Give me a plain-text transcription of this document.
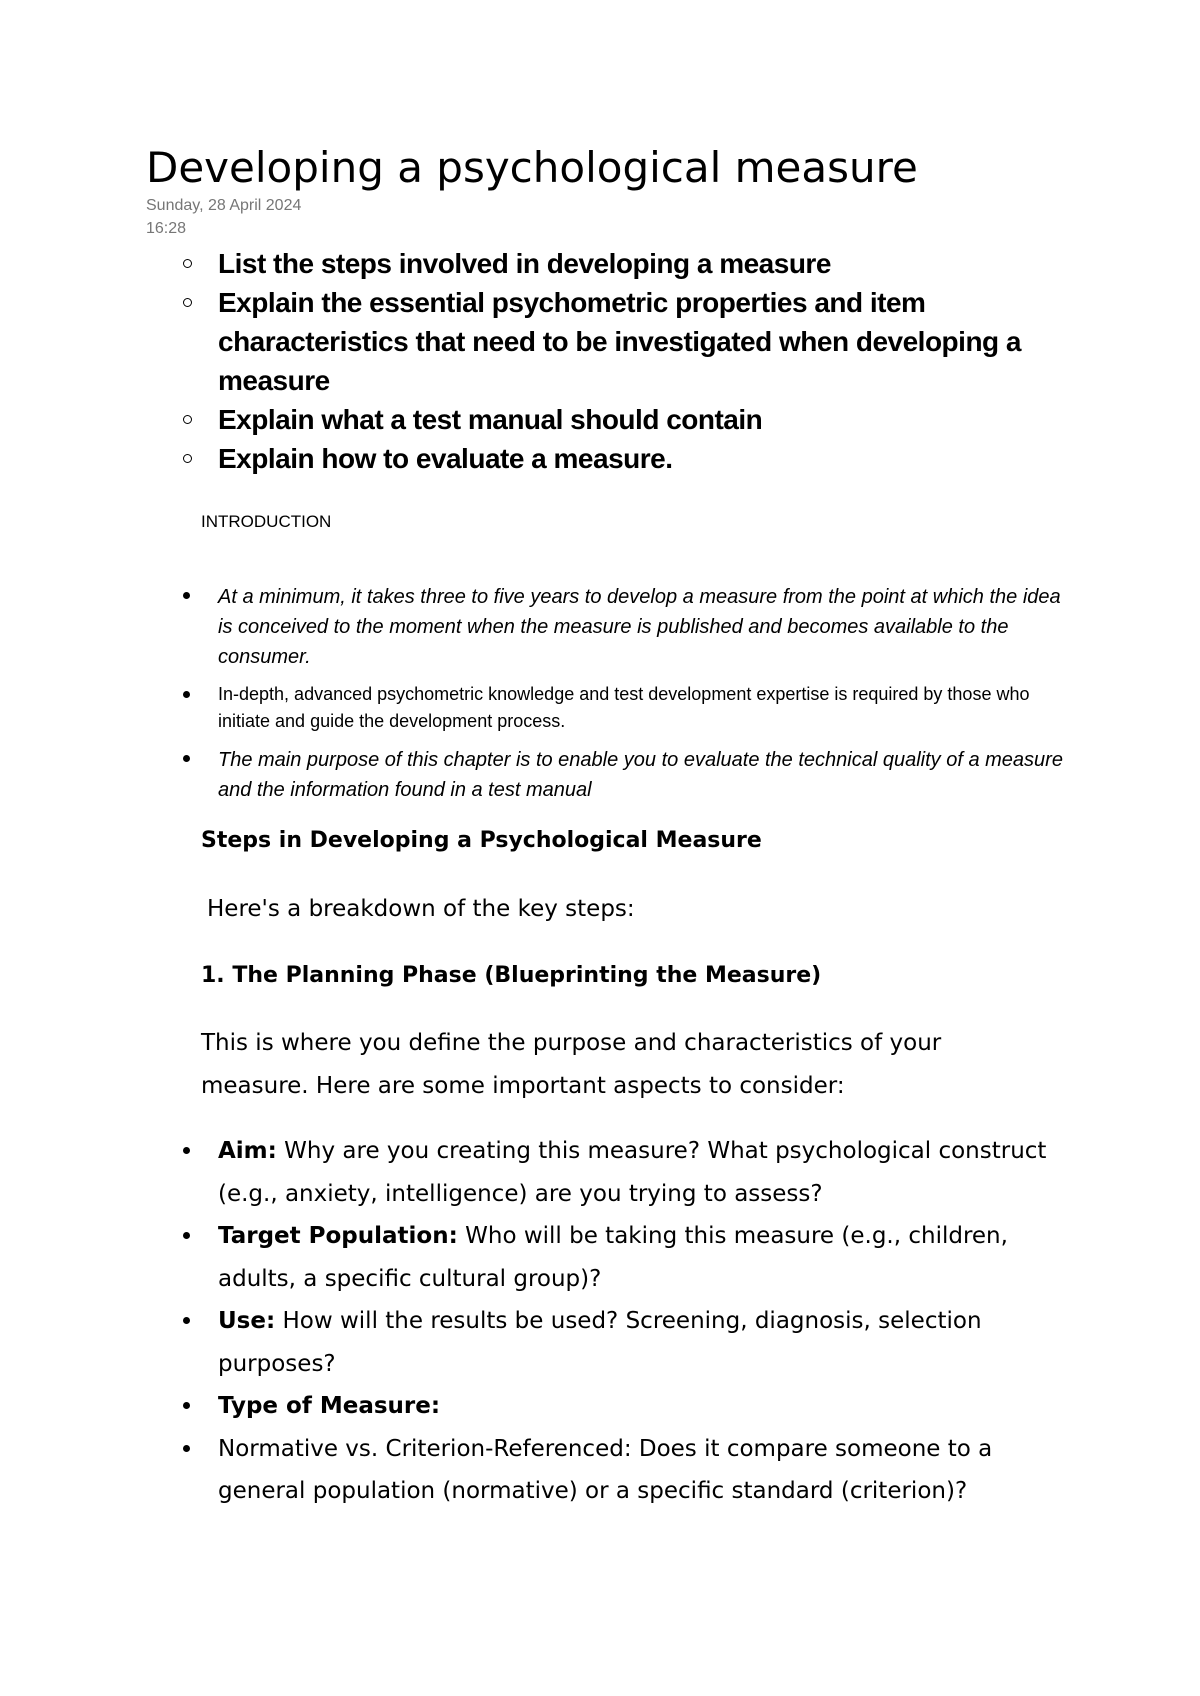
Developing a psychological measure

Sunday, 28 April 2024

16:28

List the steps involved in developing a measure
Explain the essential psychometric properties and item characteristics that need to be investigated when developing a measure
Explain what a test manual should contain
Explain how to evaluate a measure.

INTRODUCTION

At a minimum, it takes three to five years to develop a measure from the point at which the idea is conceived to the moment when the measure is published and becomes available to the consumer.
In-depth, advanced psychometric knowledge and test development expertise is required by those who initiate and guide the development process.
The main purpose of this chapter is to enable you to evaluate the technical quality of a measure and the information found in a test manual
Steps in Developing a Psychological Measure

Here's a breakdown of the key steps:

1. The Planning Phase (Blueprinting the Measure)

This is where you define the purpose and characteristics of your measure. Here are some important aspects to consider:

Aim: Why are you creating this measure? What psychological construct (e.g., anxiety, intelligence) are you trying to assess?
Target Population: Who will be taking this measure (e.g., children, adults, a specific cultural group)?
Use: How will the results be used? Screening, diagnosis, selection purposes?
Type of Measure:
Normative vs. Criterion-Referenced: Does it compare someone to a general population (normative) or a specific standard (criterion)?
